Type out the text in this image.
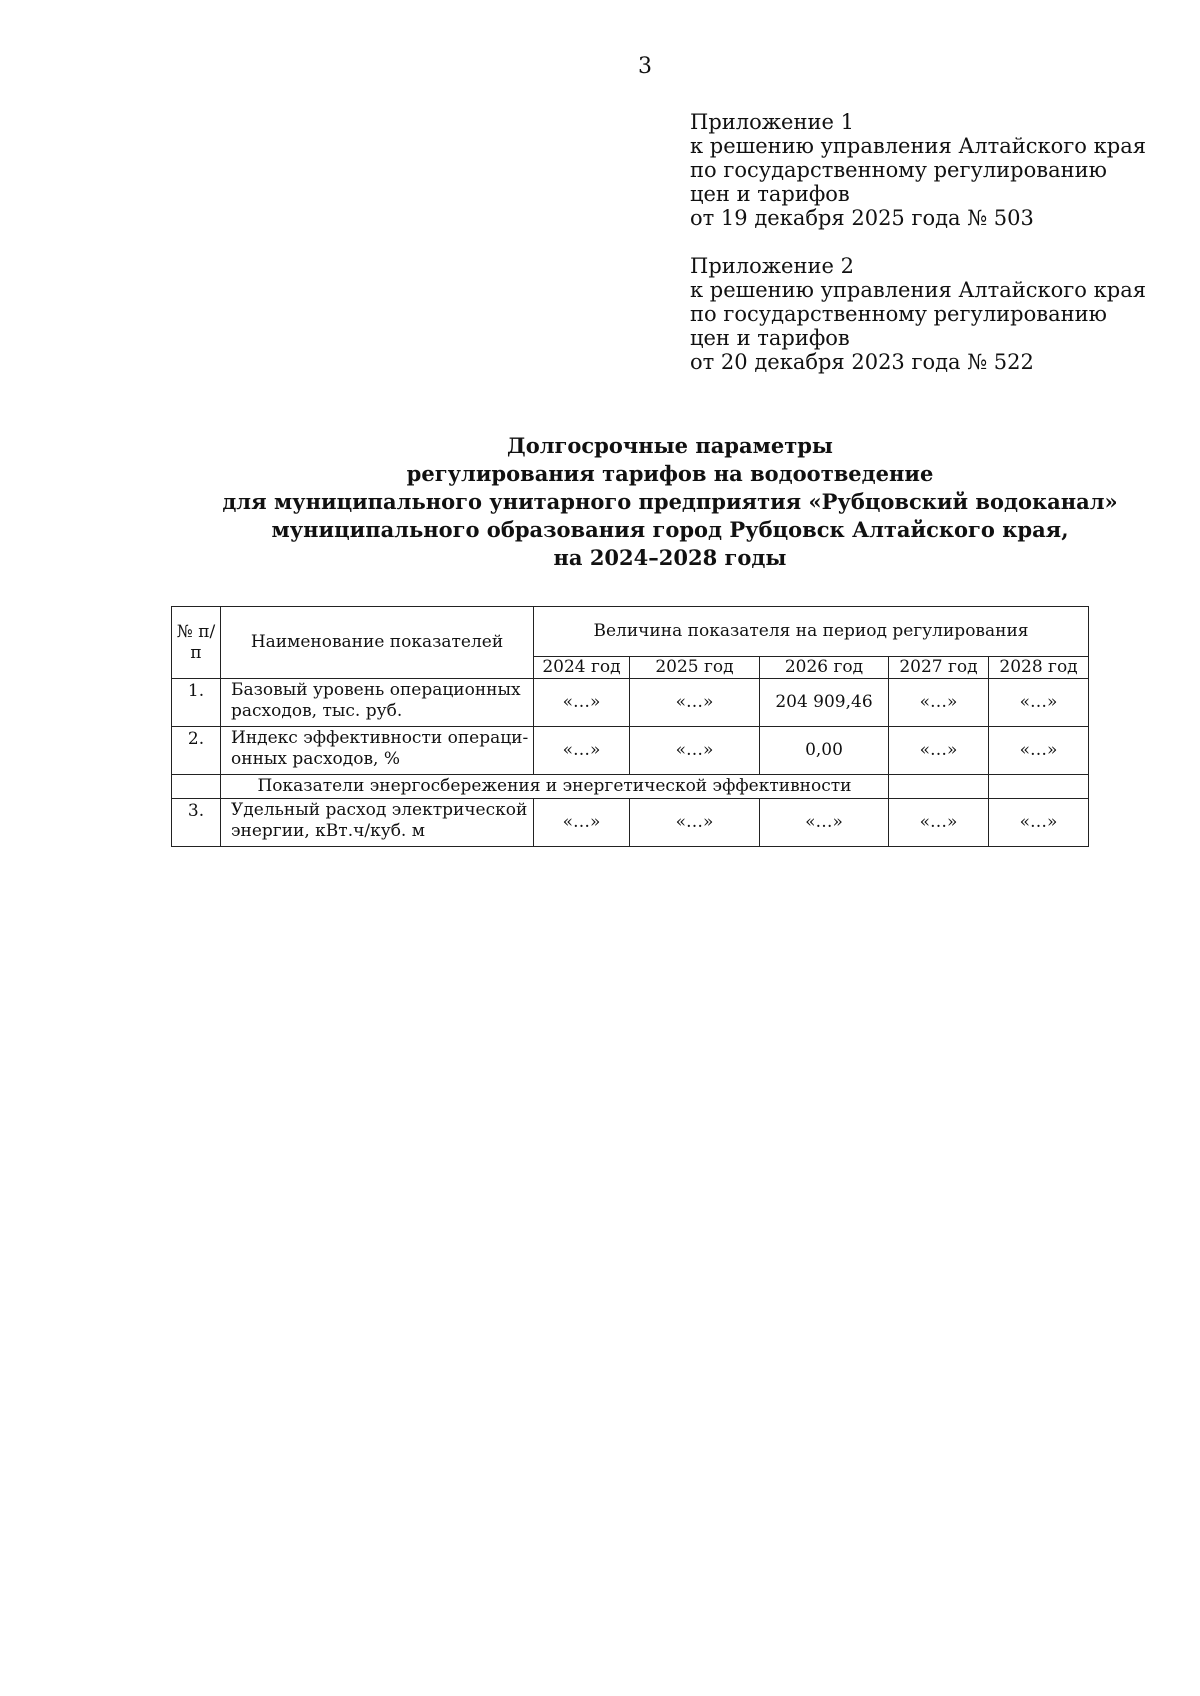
3
Приложение 1
к решению управления Алтайского края
по государственному регулированию
цен и тарифов
от 19 декабря 2025 года № 503
Приложение 2
к решению управления Алтайского края
по государственному регулированию
цен и тарифов
от 20 декабря 2023 года № 522
Долгосрочные параметры
регулирования тарифов на водоотведение
для муниципального унитарного предприятия «Рубцовский водоканал»
муниципального образования город Рубцовск Алтайского края,
на 2024–2028 годы
№ п/п	Наименование показателей	Величина показателя на период регулирования				
		2024 год	2025 год	2026 год	2027 год	2028 год
1.	Базовый уровень операционных расходов, тыс. руб.	«…»	«…»	204 909,46	«…»	«…»
2.	Индекс эффективности операци-онных расходов, %	«…»	«…»	0,00	«…»	«…»
	Показатели энергосбережения и энергетической эффективности					
3.	Удельный расход электрической энергии, кВт.ч/куб. м	«…»	«…»	«…»	«…»	«…»
